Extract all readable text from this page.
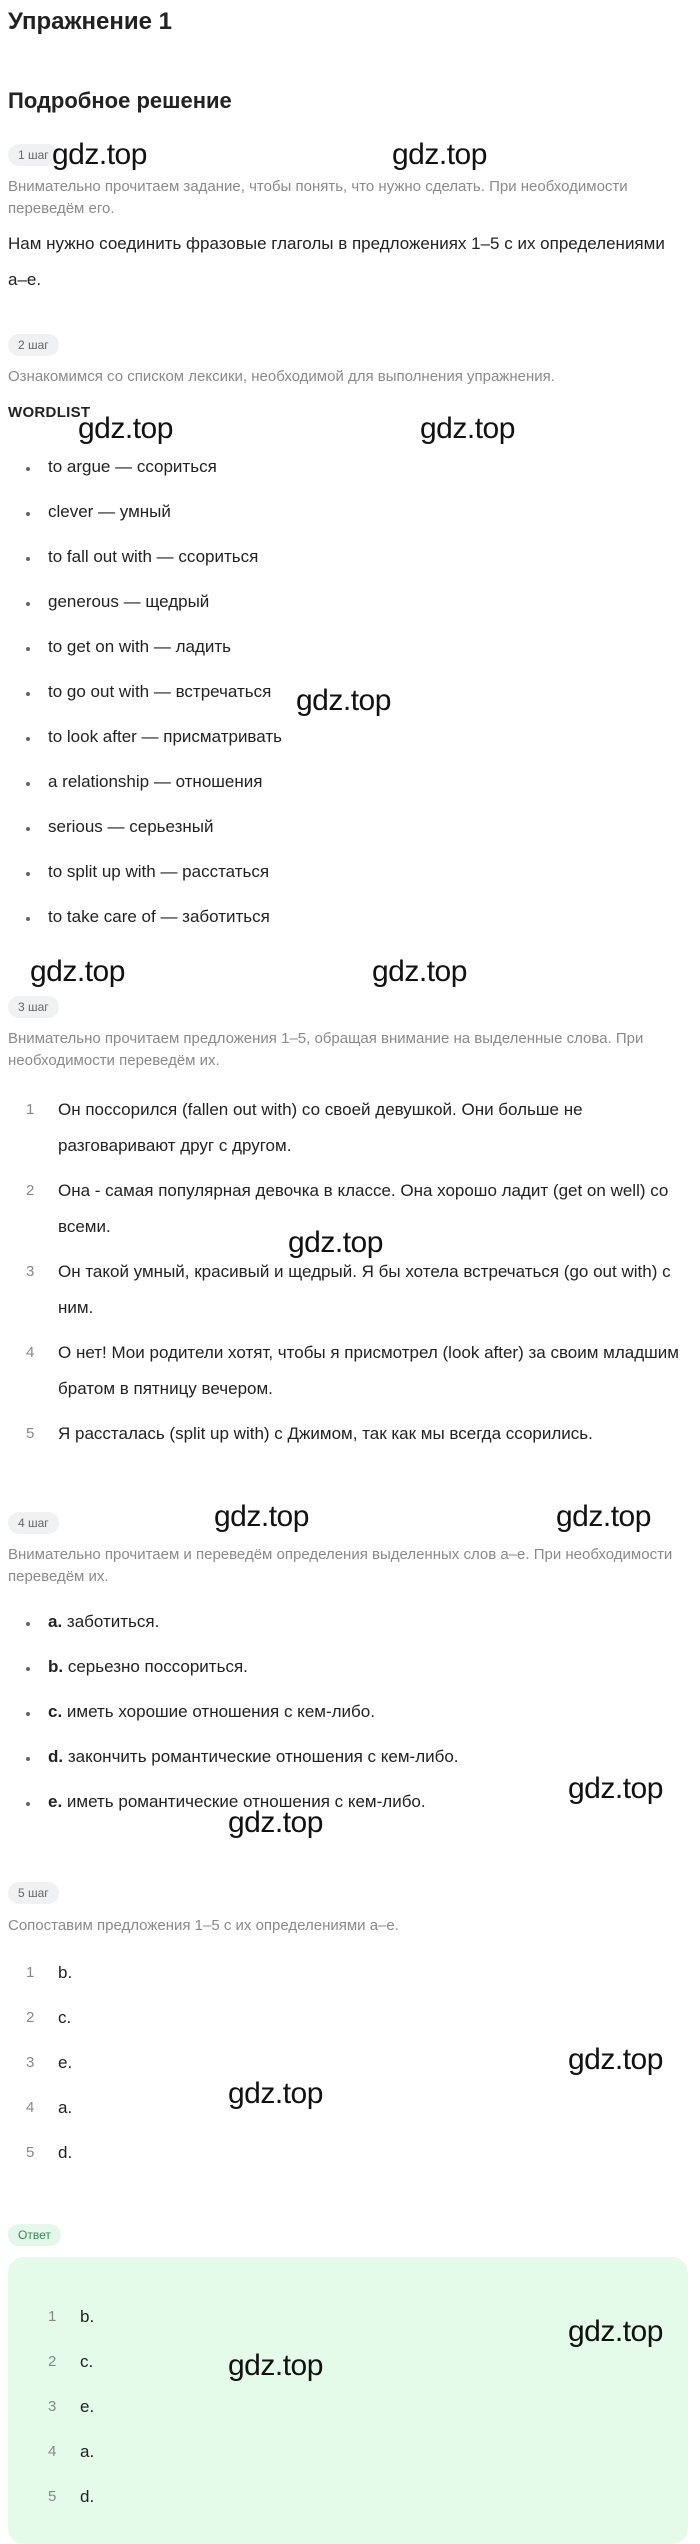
Упражнение 1
Подробное решение
1 шаг
Внимательно прочитаем задание, чтобы понять, что нужно сделать. При необходимости переведём его.
Нам нужно соединить фразовые глаголы в предложениях 1–5 с их определениями a–e.
2 шаг
Ознакомимся со списком лексики, необходимой для выполнения упражнения.
WORDLIST
to argue — ссориться
clever — умный
to fall out with — ссориться
generous — щедрый
to get on with — ладить
to go out with — встречаться
to look after — присматривать
a relationship — отношения
serious — серьезный
to split up with — расстаться
to take care of — заботиться
3 шаг
Внимательно прочитаем предложения 1–5, обращая внимание на выделенные слова. При необходимости переведём их.
1	Он поссорился (fallen out with) со своей девушкой. Они больше не разговаривают друг с другом.
2	Она - самая популярная девочка в классе. Она хорошо ладит (get on well) со всеми.
3	Он такой умный, красивый и щедрый. Я бы хотела встречаться (go out with) с ним.
4	О нет! Мои родители хотят, чтобы я присмотрел (look after) за своим младшим братом в пятницу вечером.
5	Я рассталась (split up with) с Джимом, так как мы всегда ссорились.
4 шаг
Внимательно прочитаем и переведём определения выделенных слов a–e. При необходимости переведём их.
a. заботиться.
b. серьезно поссориться.
c. иметь хорошие отношения с кем-либо.
d. закончить романтические отношения с кем-либо.
e. иметь романтические отношения с кем-либо.
5 шаг
Сопоставим предложения 1–5 с их определениями a–e.
1	b.
2	c.
3	e.
4	a.
5	d.
Ответ
1	b.
2	c.
3	e.
4	a.
5	d.
gdz.top	gdz.top
gdz.top	gdz.top
gdz.top
gdz.top	gdz.top
gdz.top
gdz.top	gdz.top
gdz.top
gdz.top
gdz.top
gdz.top
gdz.top
gdz.top
